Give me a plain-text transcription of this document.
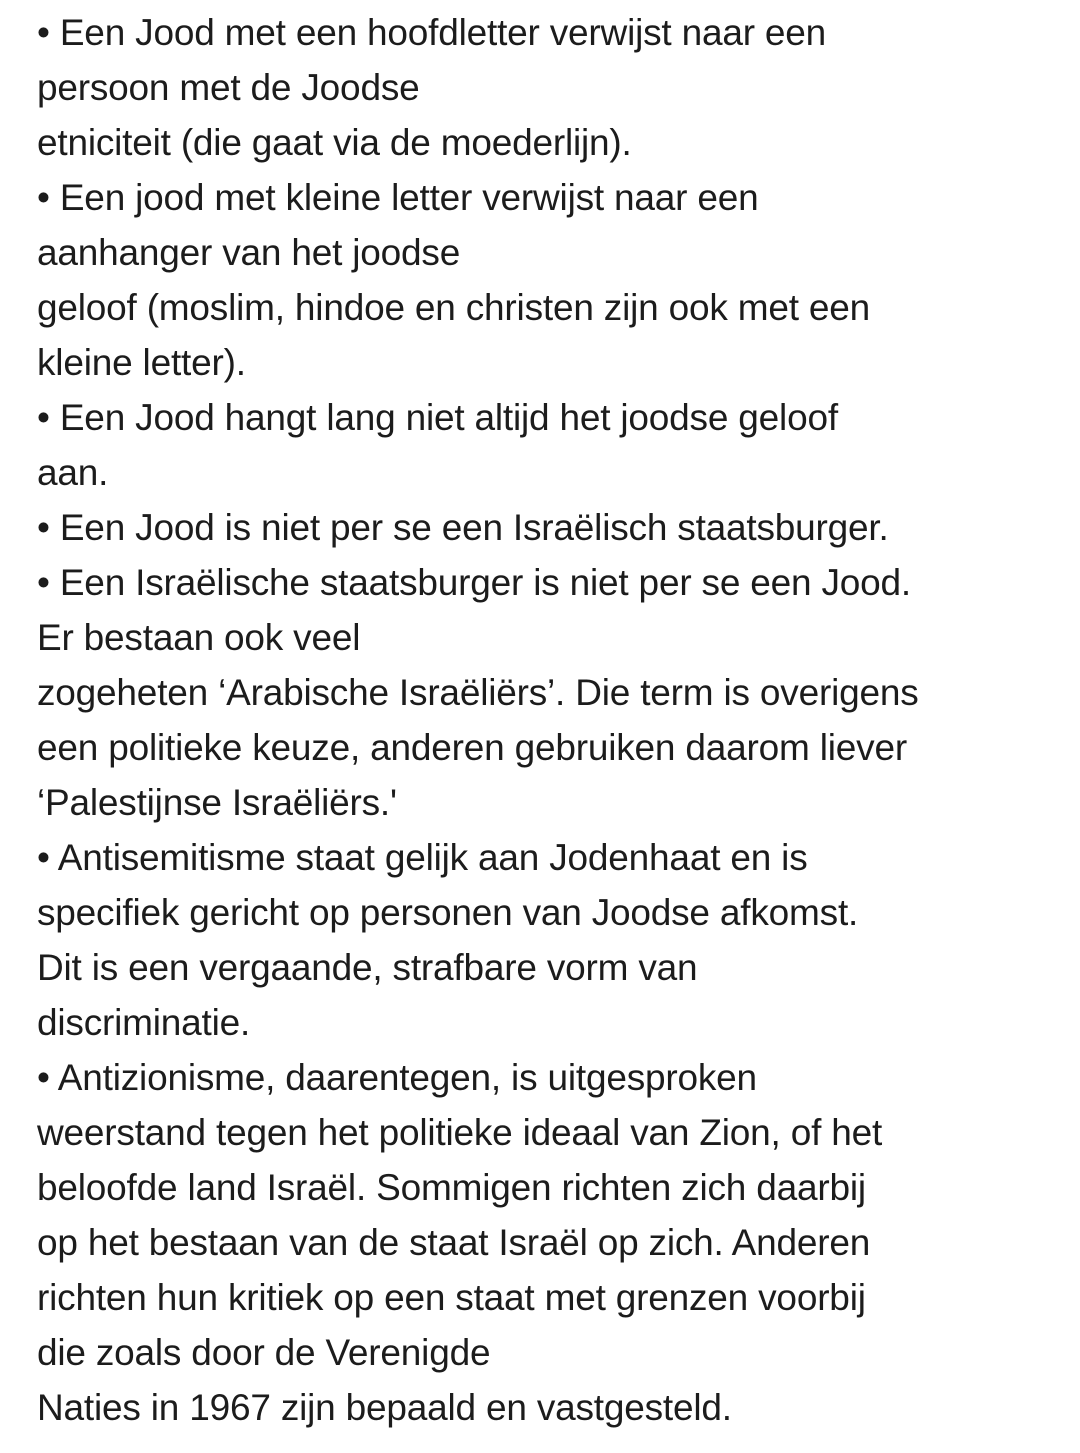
• Een Jood met een hoofdletter verwijst naar een
persoon met de Joodse
etniciteit (die gaat via de moederlijn).
• Een jood met kleine letter verwijst naar een
aanhanger van het joodse
geloof (moslim, hindoe en christen zijn ook met een
kleine letter).
• Een Jood hangt lang niet altijd het joodse geloof
aan.
• Een Jood is niet per se een Israëlisch staatsburger.
• Een Israëlische staatsburger is niet per se een Jood.
Er bestaan ook veel
zogeheten ‘Arabische Israëliërs’. Die term is overigens
een politieke keuze, anderen gebruiken daarom liever
‘Palestijnse Israëliërs.'
• Antisemitisme staat gelijk aan Jodenhaat en is
specifiek gericht op personen van Joodse afkomst.
Dit is een vergaande, strafbare vorm van
discriminatie.
• Antizionisme, daarentegen, is uitgesproken
weerstand tegen het politieke ideaal van Zion, of het
beloofde land Israël. Sommigen richten zich daarbij
op het bestaan van de staat Israël op zich. Anderen
richten hun kritiek op een staat met grenzen voorbij
die zoals door de Verenigde
Naties in 1967 zijn bepaald en vastgesteld.
